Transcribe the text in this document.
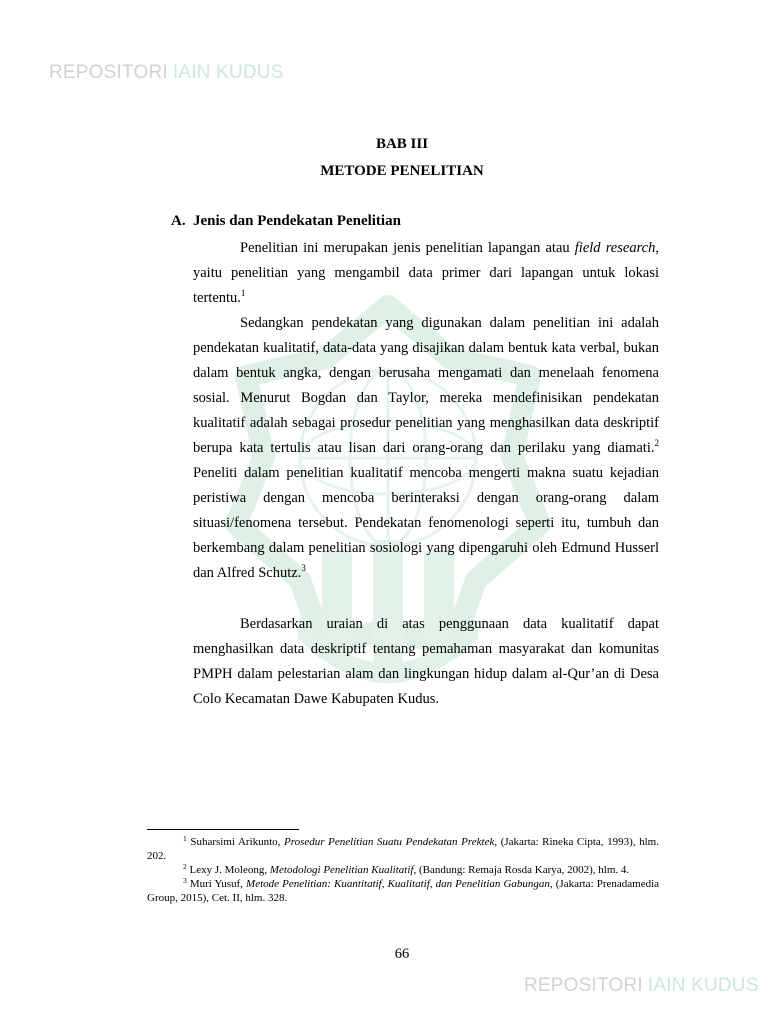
REPOSITORI IAIN KUDUS
BAB III
METODE PENELITIAN
A. Jenis dan Pendekatan Penelitian

Penelitian ini merupakan jenis penelitian lapangan atau field research, yaitu penelitian yang mengambil data primer dari lapangan untuk lokasi tertentu.$^1$

Sedangkan pendekatan yang digunakan dalam penelitian ini adalah pendekatan kualitatif, data-data yang disajikan dalam bentuk kata verbal, bukan dalam bentuk angka, dengan berusaha mengamati dan menelaah fenomena sosial. Menurut Bogdan dan Taylor, mereka mendefinisikan pendekatan kualitatif adalah sebagai prosedur penelitian yang menghasilkan data deskriptif berupa kata tertulis atau lisan dari orang-orang dan perilaku yang diamati.$^2$ Peneliti dalam penelitian kualitatif mencoba mengerti makna suatu kejadian peristiwa dengan mencoba berinteraksi dengan orang-orang dalam situasi/fenomena tersebut. Pendekatan fenomenologi seperti itu, tumbuh dan berkembang dalam penelitian sosiologi yang dipengaruhi oleh Edmund Husserl dan Alfred Schutz.$^3$

Berdasarkan uraian di atas penggunaan data kualitatif dapat menghasilkan data deskriptif tentang pemahaman masyarakat dan komunitas PMPH dalam pelestarian alam dan lingkungan hidup dalam al-Qur’an di Desa Colo Kecamatan Dawe Kabupaten Kudus.

$^1$ Suharsimi Arikunto, Prosedur Penelitian Suatu Pendekatan Prektek, (Jakarta: Rineka Cipta, 1993), hlm. 202.

$^2$ Lexy J. Moleong, Metodologi Penelitian Kualitatif, (Bandung: Remaja Rosda Karya, 2002), hlm. 4.

$^3$ Muri Yusuf, Metode Penelitian: Kuantitatif, Kualitatif, dan Penelitian Gabungan, (Jakarta: Prenadamedia Group, 2015), Cet. II, hlm. 328.

66
REPOSITORI IAIN KUDUS
